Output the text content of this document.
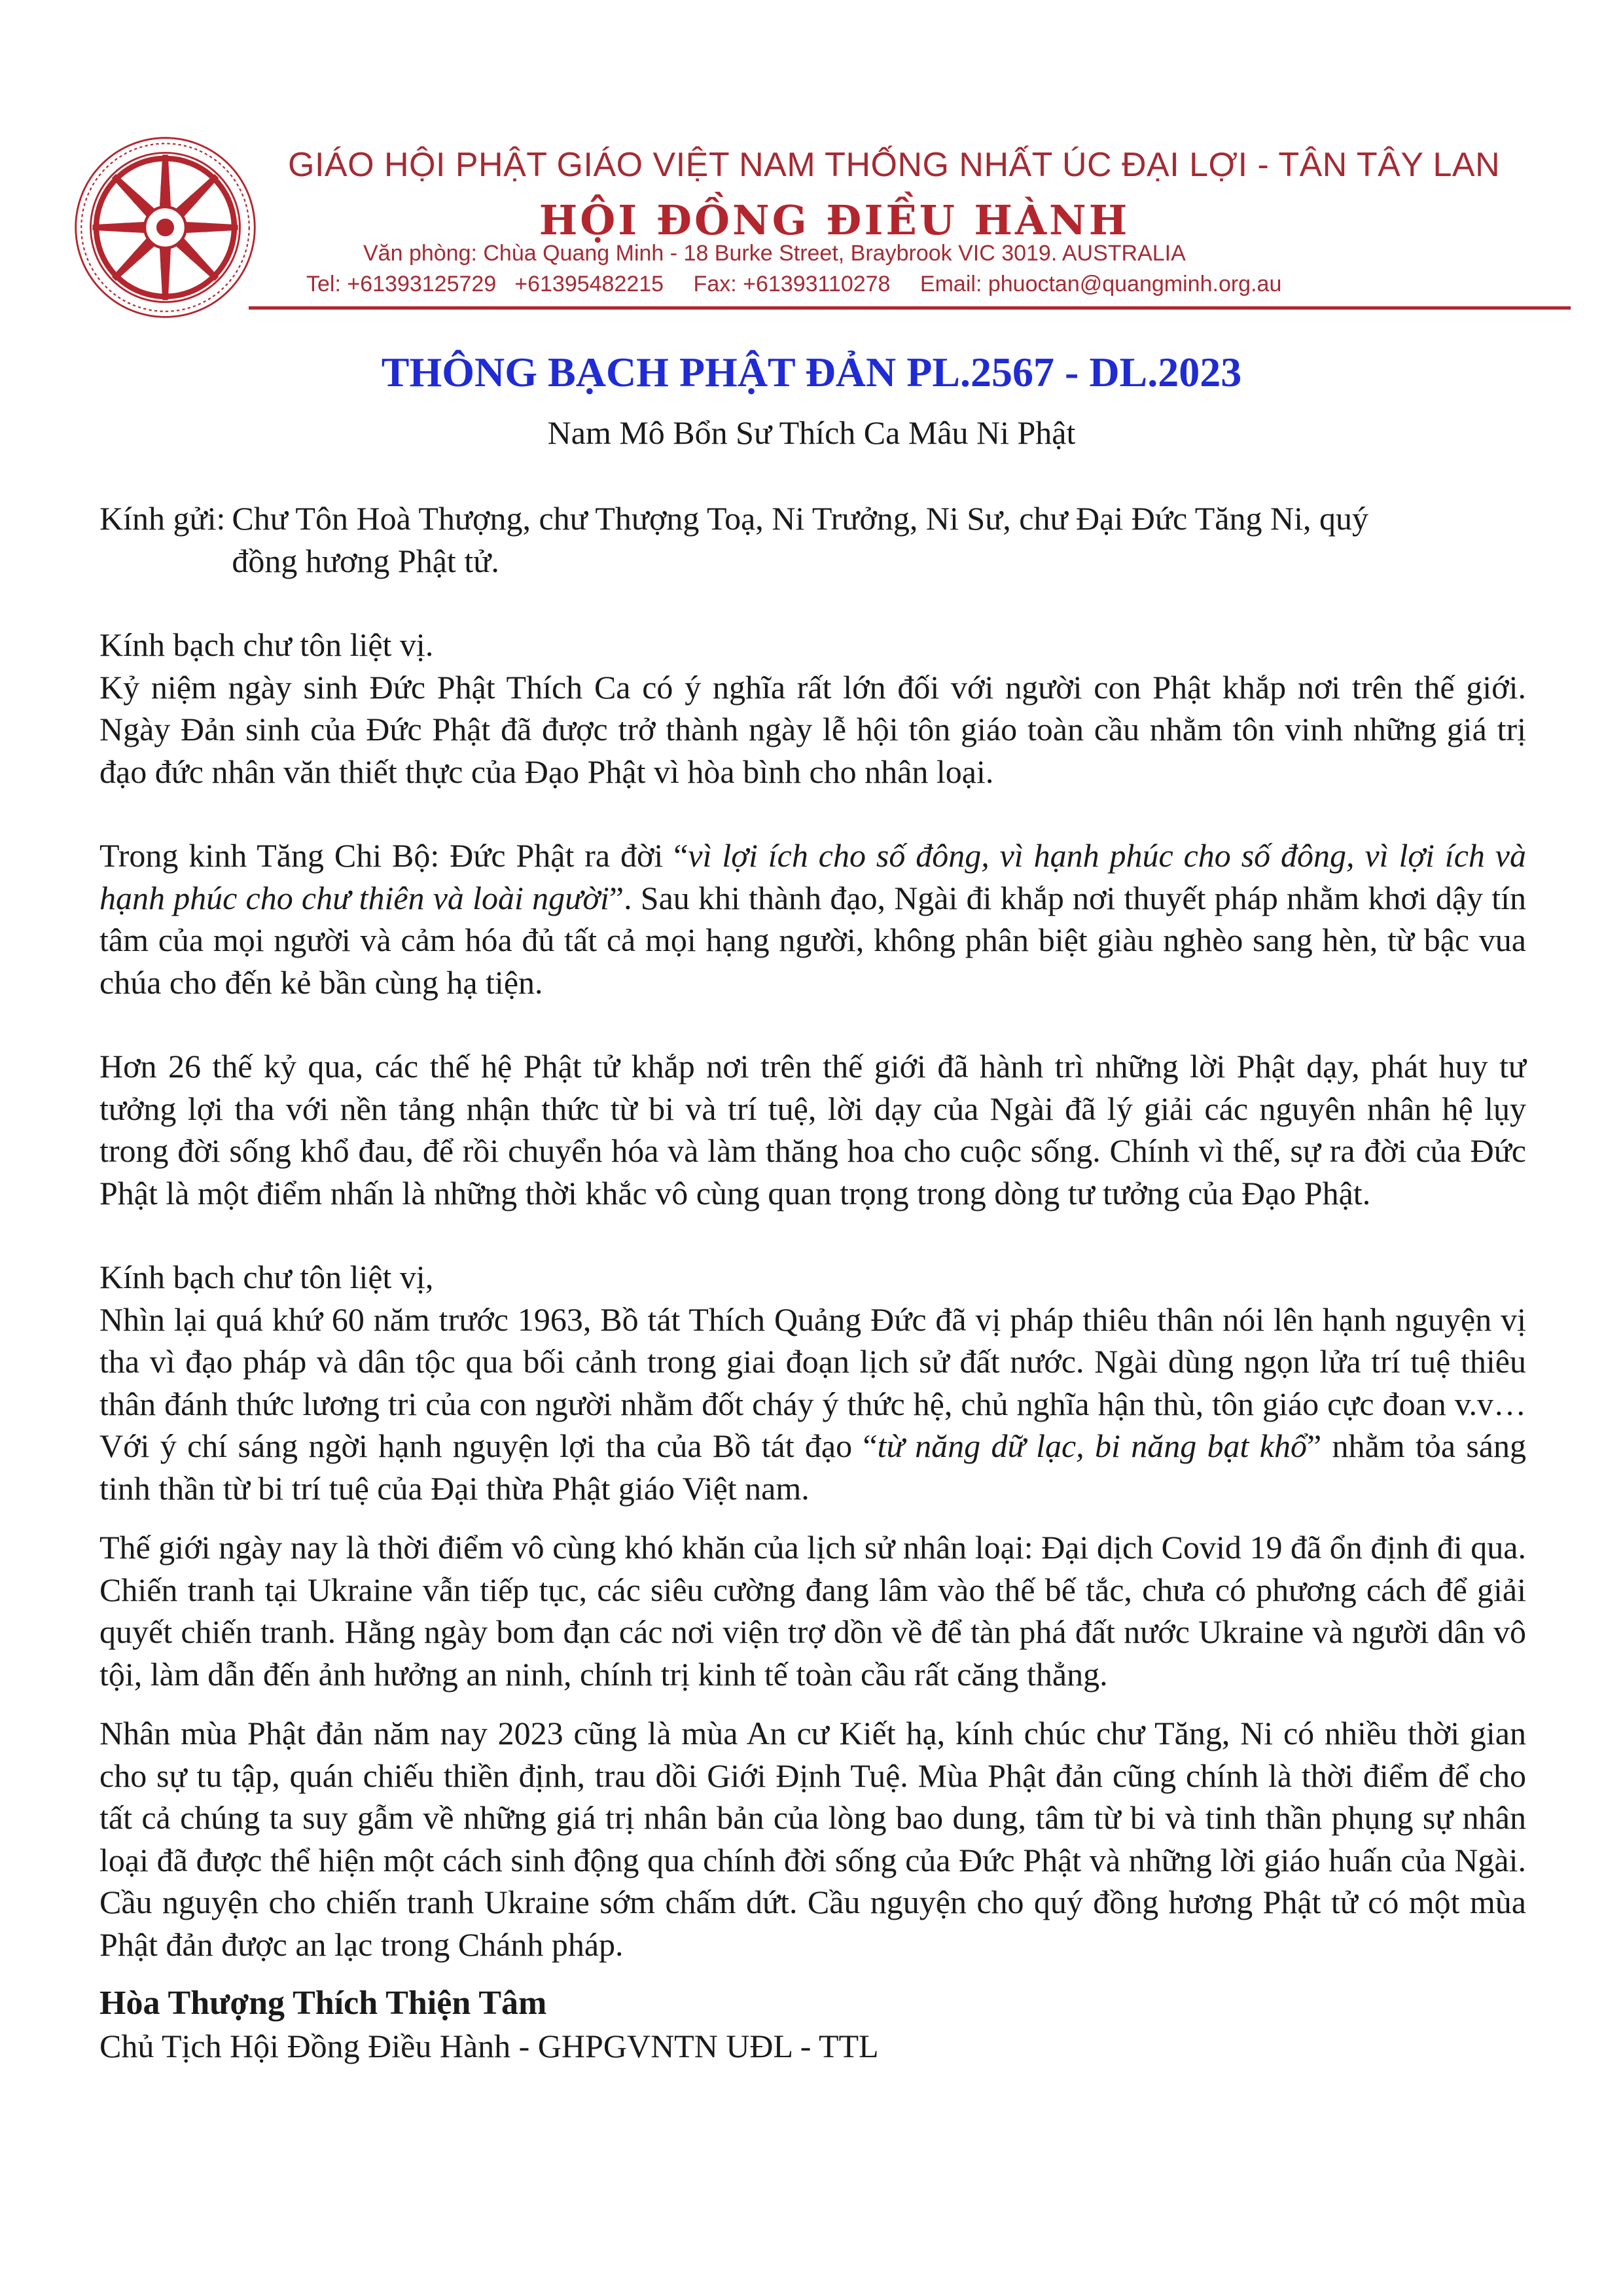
GIÁO HỘI PHẬT GIÁO VIỆT NAM THỐNG NHẤT ÚC ĐẠI LỢI - TÂN TÂY LAN
HỘI ĐỒNG ĐIỀU HÀNH
Văn phòng: Chùa Quang Minh - 18 Burke Street, Braybrook VIC 3019. AUSTRALIA
Tel: +61393125729 +61395482215 Fax: +61393110278 Email: phuoctan@quangminh.org.au
THÔNG BẠCH PHẬT ĐẢN PL.2567 - DL.2023
Nam Mô Bổn Sư Thích Ca Mâu Ni Phật
Kính gửi: Chư Tôn Hoà Thượng, chư Thượng Toạ, Ni Trưởng, Ni Sư, chư Đại Đức Tăng Ni, quý đồng hương Phật tử.

Kính bạch chư tôn liệt vị.

Kỷ niệm ngày sinh Đức Phật Thích Ca có ý nghĩa rất lớn đối với người con Phật khắp nơi trên thế giới. Ngày Đản sinh của Đức Phật đã được trở thành ngày lễ hội tôn giáo toàn cầu nhằm tôn vinh những giá trị đạo đức nhân văn thiết thực của Đạo Phật vì hòa bình cho nhân loại.

Trong kinh Tăng Chi Bộ: Đức Phật ra đời “vì lợi ích cho số đông, vì hạnh phúc cho số đông, vì lợi ích và hạnh phúc cho chư thiên và loài người”. Sau khi thành đạo, Ngài đi khắp nơi thuyết pháp nhằm khơi dậy tín tâm của mọi người và cảm hóa đủ tất cả mọi hạng người, không phân biệt giàu nghèo sang hèn, từ bậc vua chúa cho đến kẻ bần cùng hạ tiện.

Hơn 26 thế kỷ qua, các thế hệ Phật tử khắp nơi trên thế giới đã hành trì những lời Phật dạy, phát huy tư tưởng lợi tha với nền tảng nhận thức từ bi và trí tuệ, lời dạy của Ngài đã lý giải các nguyên nhân hệ lụy trong đời sống khổ đau, để rồi chuyển hóa và làm thăng hoa cho cuộc sống. Chính vì thế, sự ra đời của Đức Phật là một điểm nhấn là những thời khắc vô cùng quan trọng trong dòng tư tưởng của Đạo Phật.

Kính bạch chư tôn liệt vị,

Nhìn lại quá khứ 60 năm trước 1963, Bồ tát Thích Quảng Đức đã vị pháp thiêu thân nói lên hạnh nguyện vị tha vì đạo pháp và dân tộc qua bối cảnh trong giai đoạn lịch sử đất nước. Ngài dùng ngọn lửa trí tuệ thiêu thân đánh thức lương tri của con người nhằm đốt cháy ý thức hệ, chủ nghĩa hận thù, tôn giáo cực đoan v.v… Với ý chí sáng ngời hạnh nguyện lợi tha của Bồ tát đạo “từ năng dữ lạc, bi năng bạt khổ” nhằm tỏa sáng tinh thần từ bi trí tuệ của Đại thừa Phật giáo Việt nam.

Thế giới ngày nay là thời điểm vô cùng khó khăn của lịch sử nhân loại: Đại dịch Covid 19 đã ổn định đi qua. Chiến tranh tại Ukraine vẫn tiếp tục, các siêu cường đang lâm vào thế bế tắc, chưa có phương cách để giải quyết chiến tranh. Hằng ngày bom đạn các nơi viện trợ dồn về để tàn phá đất nước Ukraine và người dân vô tội, làm dẫn đến ảnh hưởng an ninh, chính trị kinh tế toàn cầu rất căng thẳng.

Nhân mùa Phật đản năm nay 2023 cũng là mùa An cư Kiết hạ, kính chúc chư Tăng, Ni có nhiều thời gian cho sự tu tập, quán chiếu thiền định, trau dồi Giới Định Tuệ. Mùa Phật đản cũng chính là thời điểm để cho tất cả chúng ta suy gẫm về những giá trị nhân bản của lòng bao dung, tâm từ bi và tinh thần phụng sự nhân loại đã được thể hiện một cách sinh động qua chính đời sống của Đức Phật và những lời giáo huấn của Ngài. Cầu nguyện cho chiến tranh Ukraine sớm chấm dứt. Cầu nguyện cho quý đồng hương Phật tử có một mùa Phật đản được an lạc trong Chánh pháp.

Hòa Thượng Thích Thiện Tâm

Chủ Tịch Hội Đồng Điều Hành - GHPGVNTN UĐL - TTL
